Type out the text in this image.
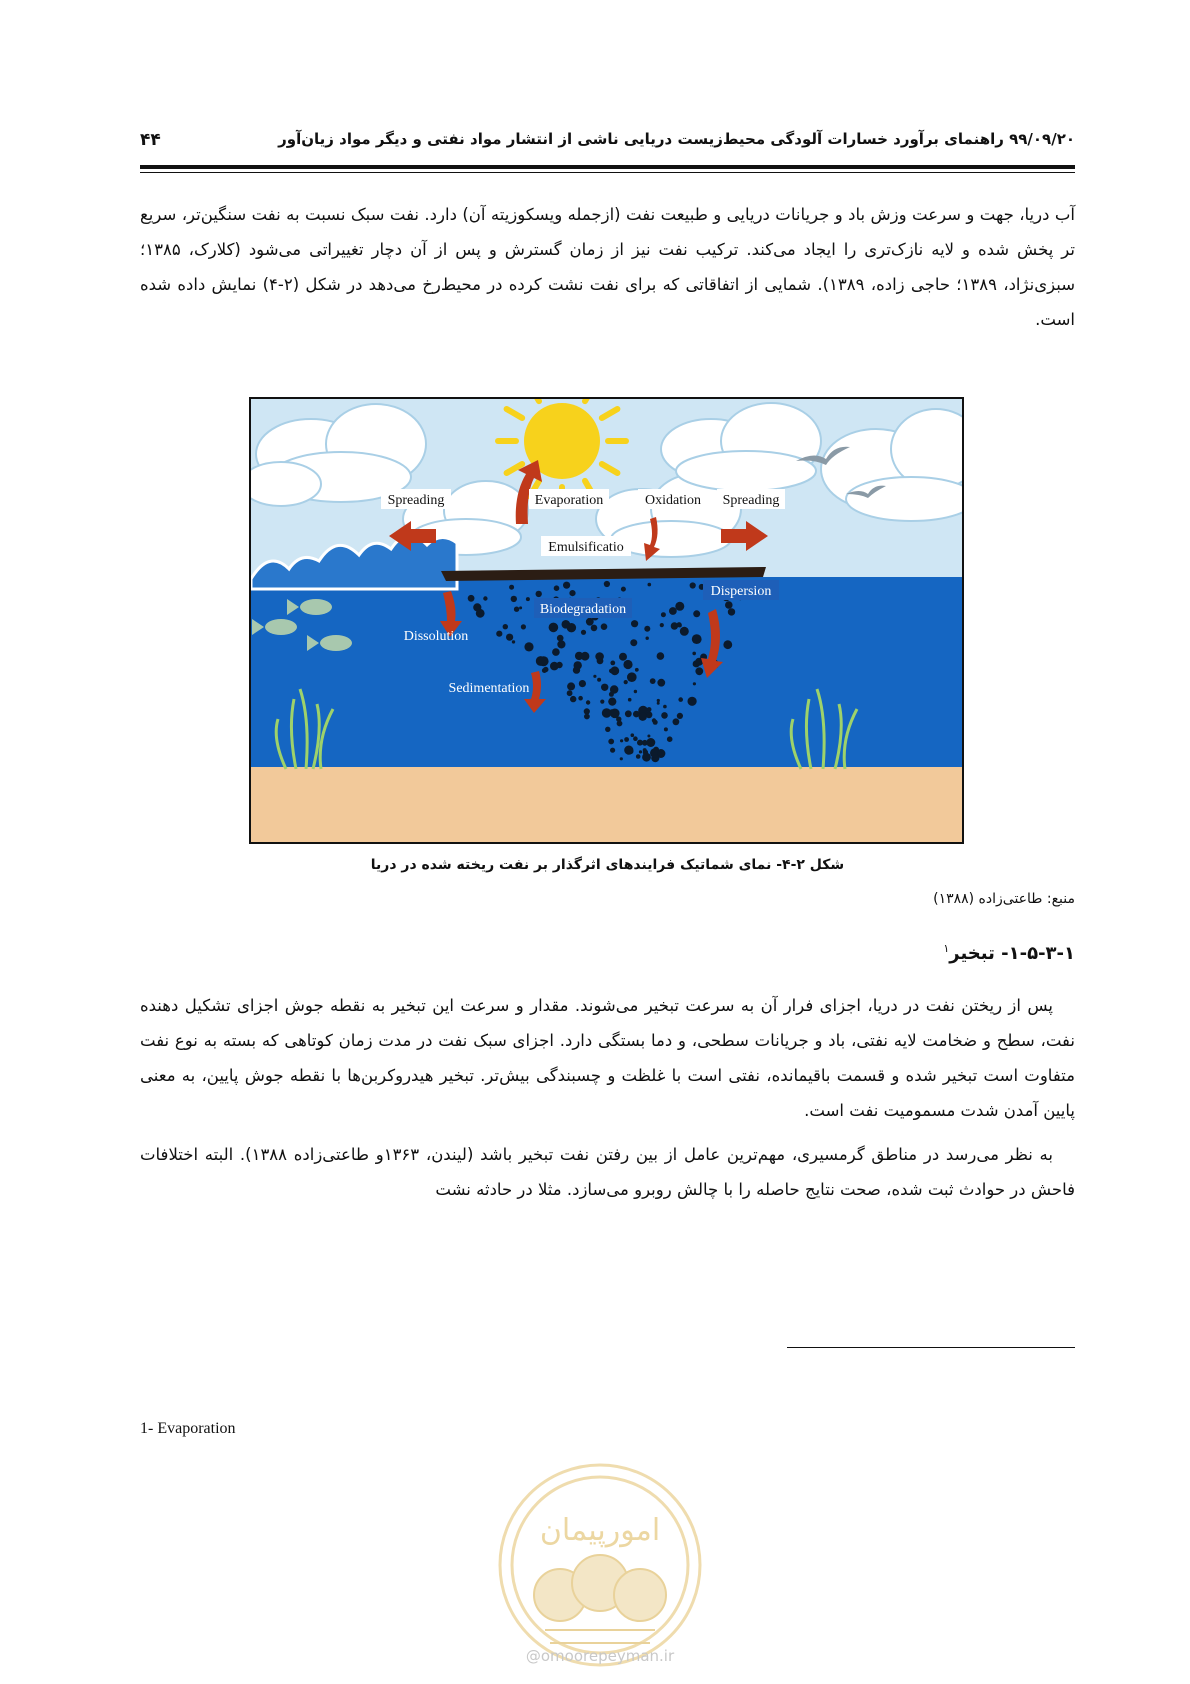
۹۹/۰۹/۲۰ راهنمای برآورد خسارات آلودگی محیط‌زیست دریایی ناشی از انتشار مواد نفتی و دیگر مواد زیان‌آور
۴۴
آب دریا، جهت و سرعت وزش باد و جریانات دریایی و طبیعت نفت (ازجمله ویسکوزیته آن) دارد. نفت سبک نسبت به نفت سنگین‌تر، سریع تر پخش شده و لایه نازک‌تری را ایجاد می‌کند. ترکیب نفت نیز از زمان گسترش و پس از آن دچار تغییراتی می‌شود (کلارک، ۱۳۸۵؛ سبزی‌نژاد، ۱۳۸۹؛ حاجی زاده، ۱۳۸۹). شمایی از اتفاقاتی که برای نفت نشت کرده در محیط‌رخ می‌دهد در شکل (۲-۴) نمایش داده شده است.
Spreading	Evaporation	Oxidation Spreading
Emulsificatio
Dispersion
Biodegradation
Dissolution
Sedimentation
شکل ۲-۴- نمای شماتیک فرایندهای اثرگذار بر نفت ریخته شده در دریا
منبع: طاعتی‌زاده (۱۳۸۸)
۱-۵-۳-۱- تبخیر$^۱$
پس از ریختن نفت در دریا، اجزای فرار آن به سرعت تبخیر می‌شوند. مقدار و سرعت این تبخیر به نقطه جوش اجزای تشکیل دهنده نفت، سطح و ضخامت لایه نفتی، باد و جریانات سطحی، و دما بستگی دارد. اجزای سبک نفت در مدت زمان کوتاهی که بسته به نوع نفت متفاوت است تبخیر شده و قسمت باقیمانده، نفتی است با غلظت و چسبندگی بیش‌تر. تبخیر هیدروکربن‌ها با نقطه جوش پایین، به معنی پایین آمدن شدت مسمومیت نفت است.
به نظر می‌رسد در مناطق گرمسیری، مهم‌ترین عامل از بین رفتن نفت تبخیر باشد (لیندن، ۱۳۶۳و طاعتی‌زاده ۱۳۸۸). البته اختلافات فاحش در حوادث ثبت شده، صحت نتایج حاصله را با چالش روبرو می‌سازد. مثلا در حادثه نشت
1- Evaporation
امورپیمان
@omoorepeyman.ir
